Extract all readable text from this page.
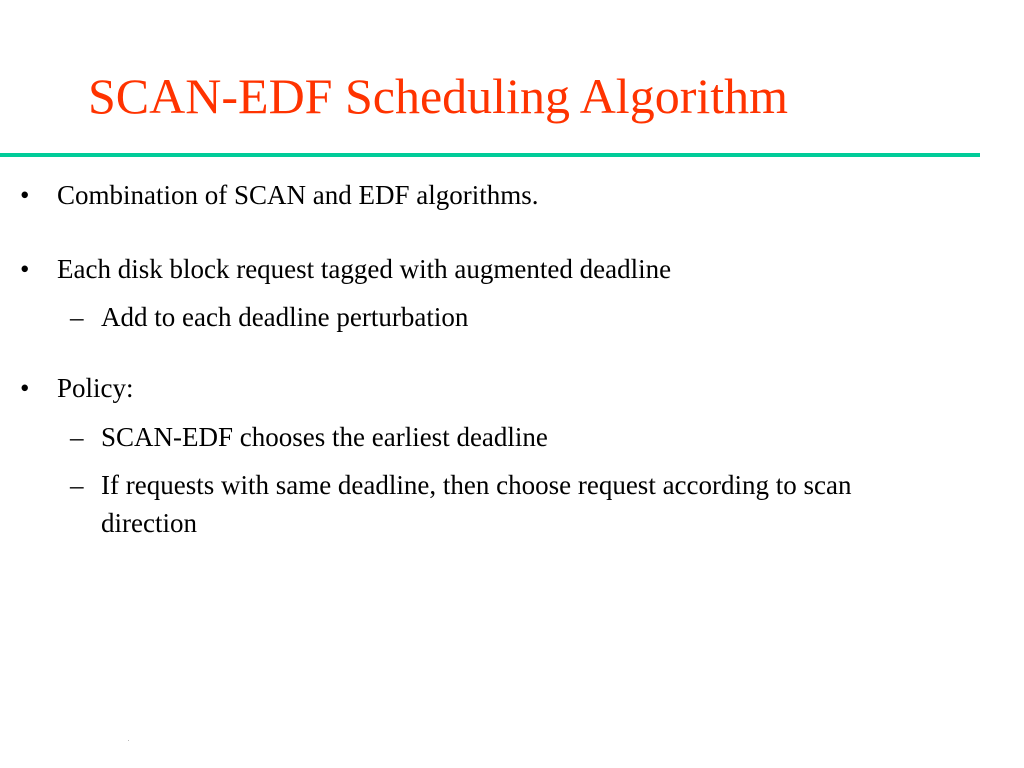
SCAN-EDF Scheduling Algorithm
• Combination of SCAN and EDF algorithms.
• Each disk block request tagged with augmented deadline
– Add to each deadline perturbation
• Policy:
– SCAN-EDF chooses the earliest deadline
– If requests with same deadline, then choose request according to scan direction
